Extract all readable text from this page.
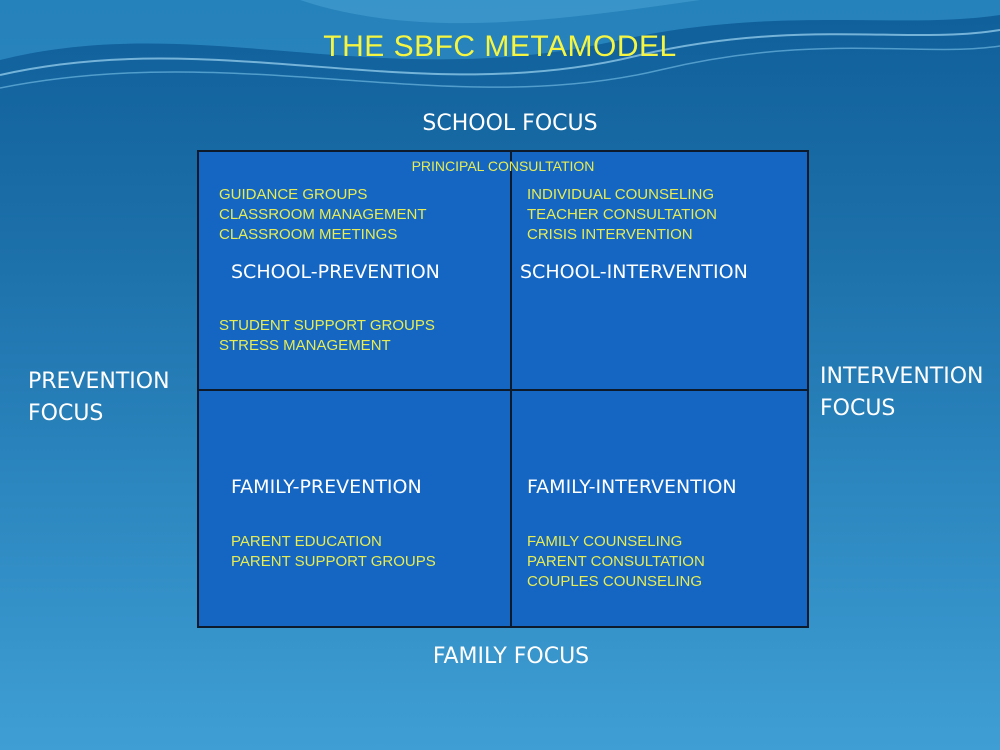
THE SBFC METAMODEL
SCHOOL FOCUS
PREVENTION
FOCUS
INTERVENTION
FOCUS
PRINCIPAL CONSULTATION
GUIDANCE GROUPS
CLASSROOM MANAGEMENT
CLASSROOM MEETINGS
SCHOOL-PREVENTION
STUDENT SUPPORT GROUPS
STRESS MANAGEMENT
INDIVIDUAL COUNSELING
TEACHER CONSULTATION
CRISIS INTERVENTION
SCHOOL-INTERVENTION
FAMILY-PREVENTION
PARENT EDUCATION
PARENT SUPPORT GROUPS
FAMILY-INTERVENTION
FAMILY COUNSELING
PARENT CONSULTATION
COUPLES COUNSELING
FAMILY FOCUS
